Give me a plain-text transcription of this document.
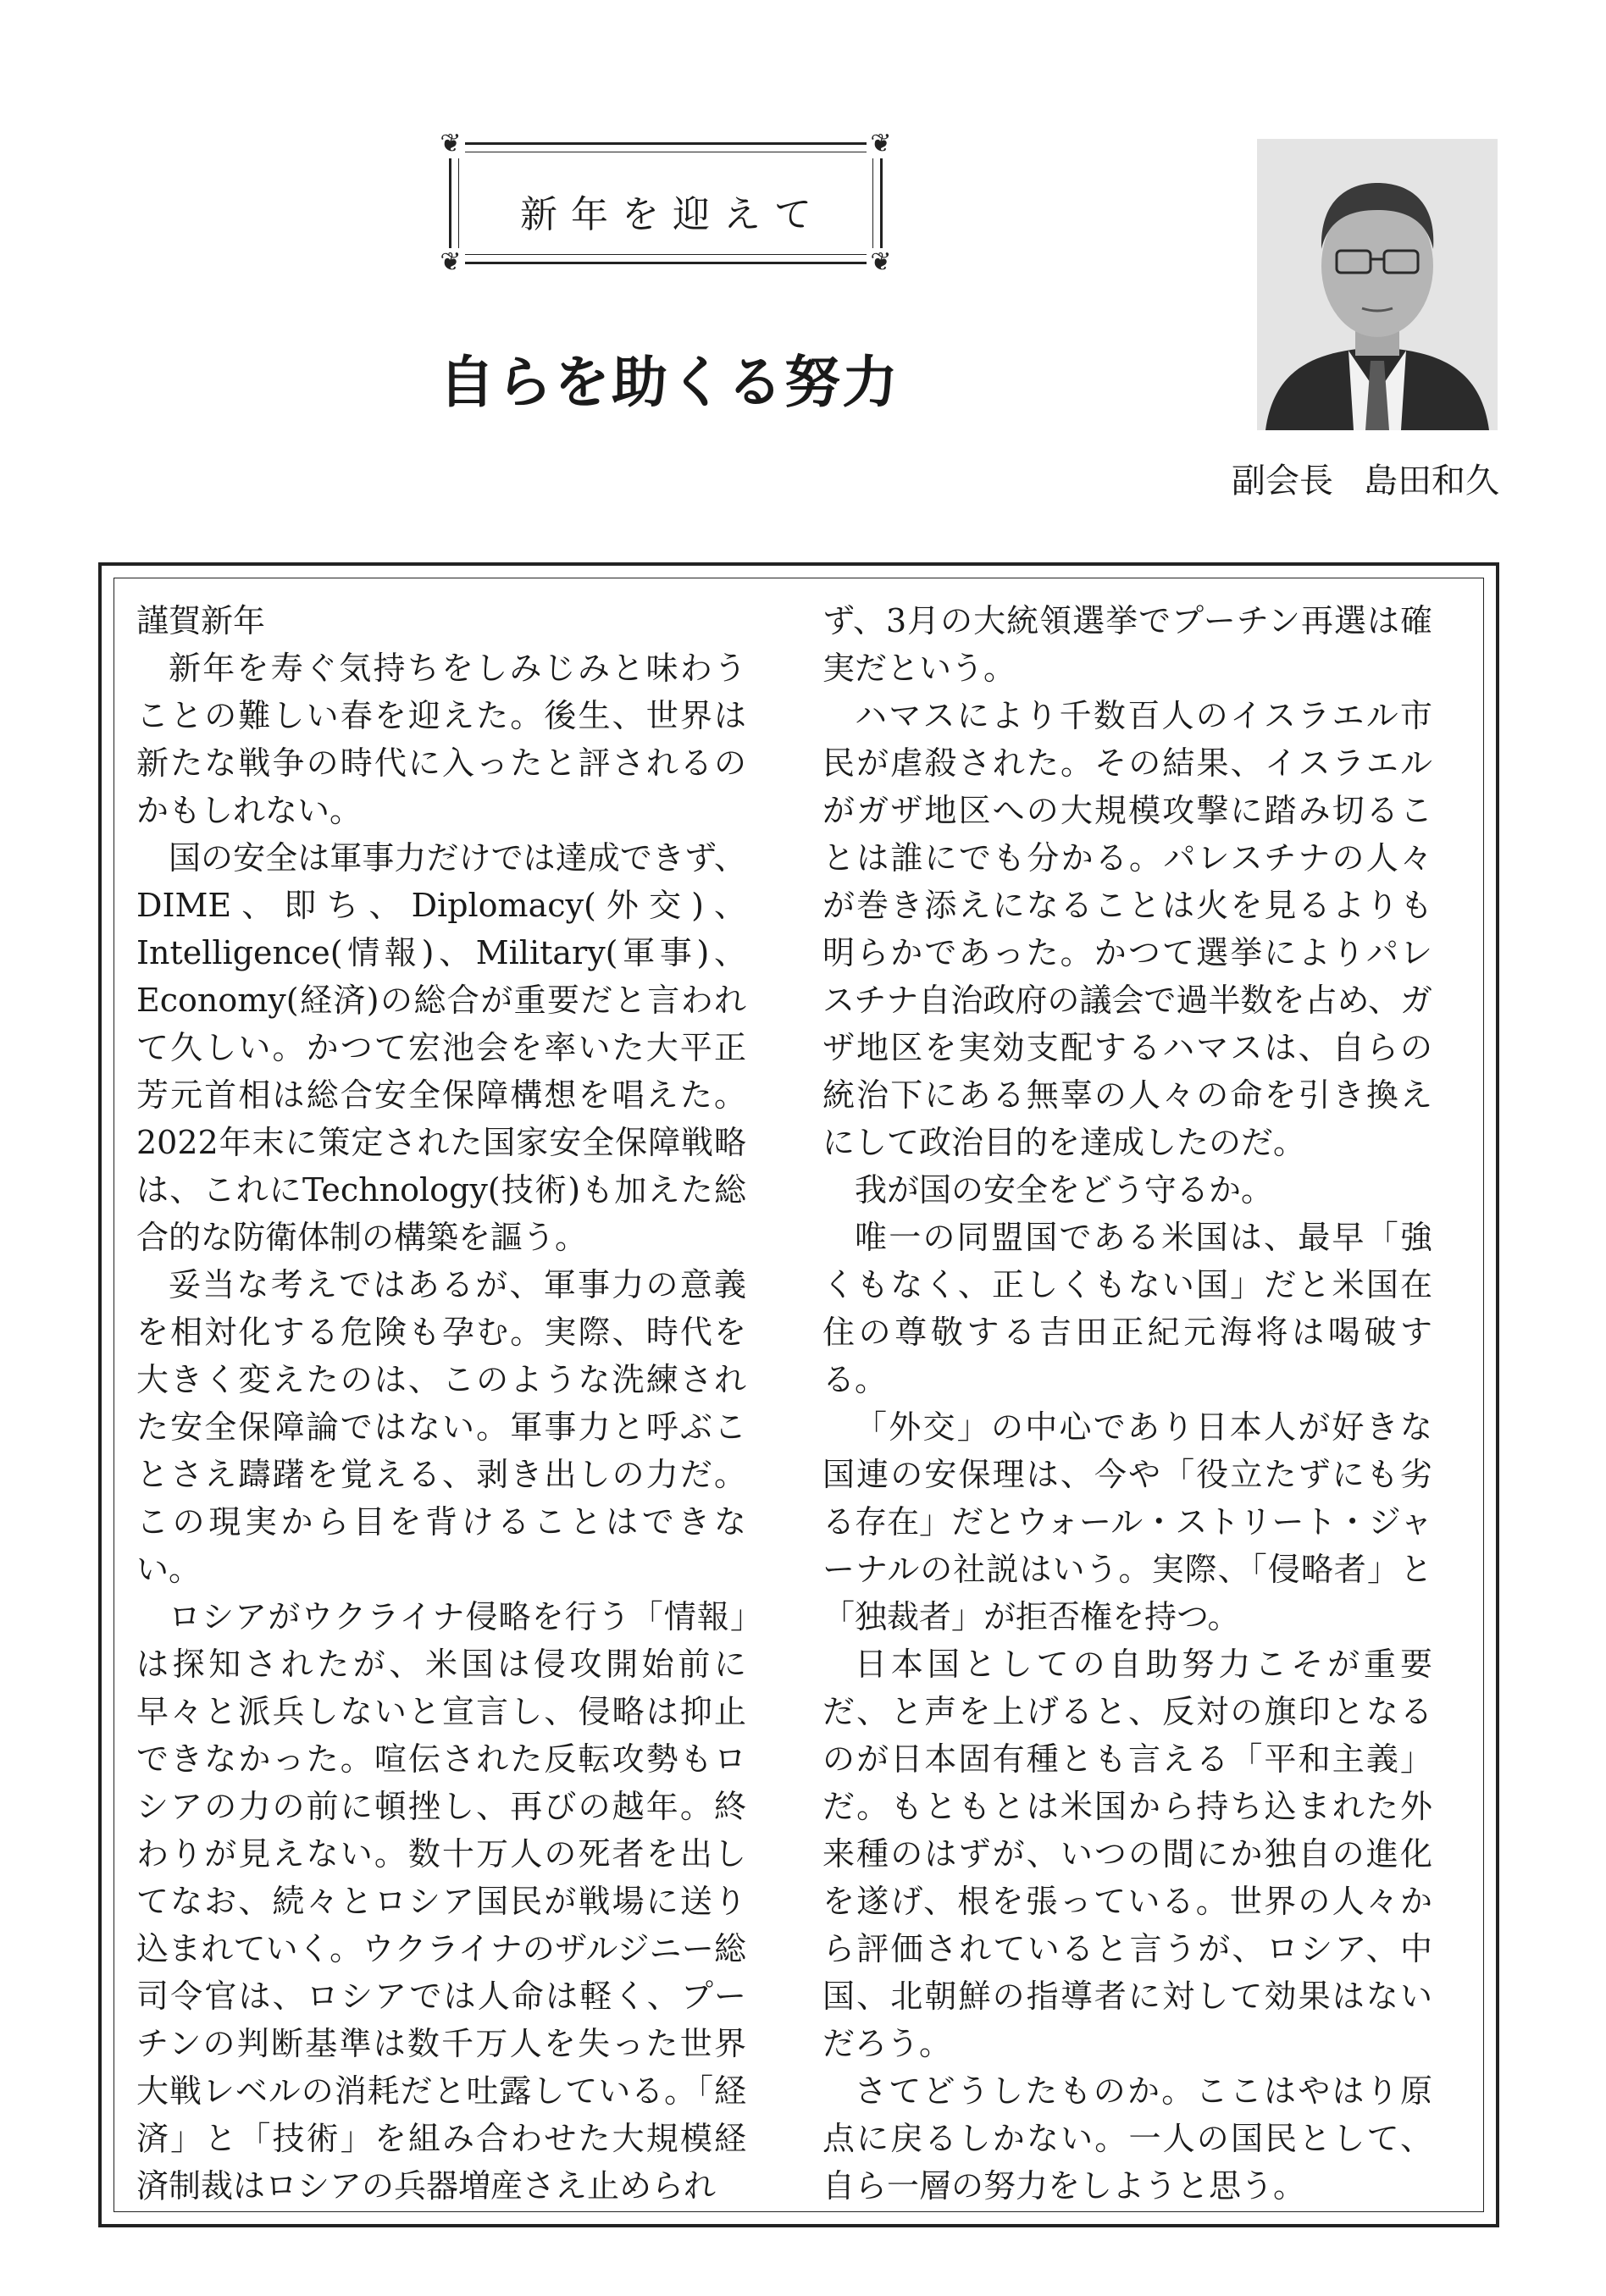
❦	❦
❦	❦
新年を迎えて
自らを助くる努力
副会長 島田和久

謹賀新年

新年を寿ぐ気持ちをしみじみと味わうことの難しい春を迎えた。後生、世界は新たな戦争の時代に入ったと評されるのかもしれない。

国の安全は軍事力だけでは達成できず、DIME、即ち、Diplomacy(外交)、Intelligence(情報)、Military(軍事)、Economy(経済)の総合が重要だと言われて久しい。かつて宏池会を率いた大平正芳元首相は総合安全保障構想を唱えた。2022年末に策定された国家安全保障戦略は、これにTechnology(技術)も加えた総合的な防衛体制の構築を謳う。

妥当な考えではあるが、軍事力の意義を相対化する危険も孕む。実際、時代を大きく変えたのは、このような洗練された安全保障論ではない。軍事力と呼ぶことさえ躊躇を覚える、剥き出しの力だ。この現実から目を背けることはできない。

ロシアがウクライナ侵略を行う「情報」は探知されたが、米国は侵攻開始前に早々と派兵しないと宣言し、侵略は抑止できなかった。喧伝された反転攻勢もロシアの力の前に頓挫し、再びの越年。終わりが見えない。数十万人の死者を出してなお、続々とロシア国民が戦場に送り込まれていく。ウクライナのザルジニー総司令官は、ロシアでは人命は軽く、プーチンの判断基準は数千万人を失った世界大戦レベルの消耗だと吐露している。「経済」と「技術」を組み合わせた大規模経済制裁はロシアの兵器増産さえ止められ

ず、3月の大統領選挙でプーチン再選は確実だという。

ハマスにより千数百人のイスラエル市民が虐殺された。その結果、イスラエルがガザ地区への大規模攻撃に踏み切ることは誰にでも分かる。パレスチナの人々が巻き添えになることは火を見るよりも明らかであった。かつて選挙によりパレスチナ自治政府の議会で過半数を占め、ガザ地区を実効支配するハマスは、自らの統治下にある無辜の人々の命を引き換えにして政治目的を達成したのだ。

我が国の安全をどう守るか。

唯一の同盟国である米国は、最早「強くもなく、正しくもない国」だと米国在住の尊敬する吉田正紀元海将は喝破する。

「外交」の中心であり日本人が好きな国連の安保理は、今や「役立たずにも劣る存在」だとウォール・ストリート・ジャーナルの社説はいう。実際、「侵略者」と「独裁者」が拒否権を持つ。

日本国としての自助努力こそが重要だ、と声を上げると、反対の旗印となるのが日本固有種とも言える「平和主義」だ。もともとは米国から持ち込まれた外来種のはずが、いつの間にか独自の進化を遂げ、根を張っている。世界の人々から評価されていると言うが、ロシア、中国、北朝鮮の指導者に対して効果はないだろう。

さてどうしたものか。ここはやはり原点に戻るしかない。一人の国民として、自ら一層の努力をしようと思う。
